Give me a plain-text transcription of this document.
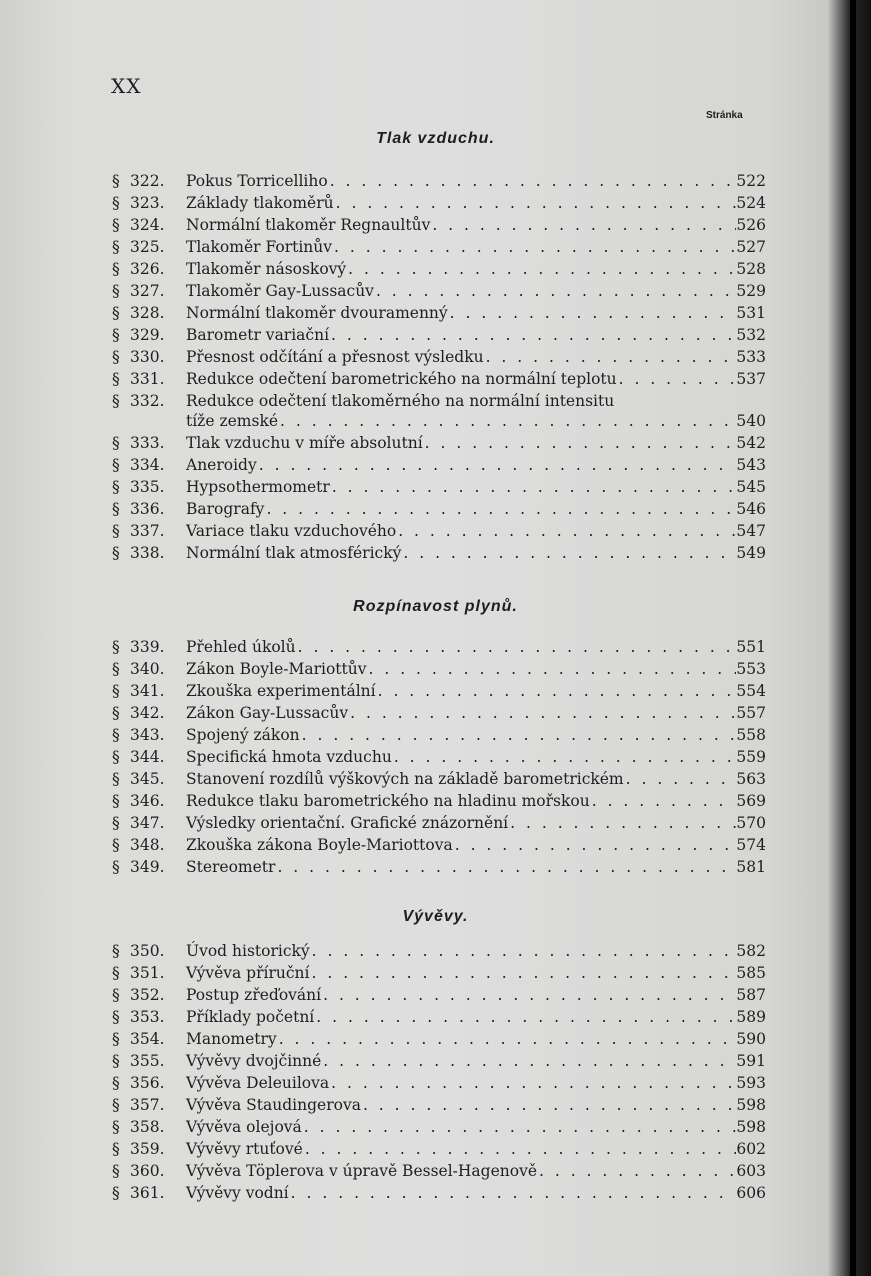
XX
Stránka
Tlak vzduchu.
§ 322.	Pokus Torricelliho . . .	522
§ 323.	Základy tlakoměrů . . .	524
§ 324.	Normální tlakoměr Regnaultův . . .	526
§ 325.	Tlakoměr Fortinův . . .	527
§ 326.	Tlakoměr násoskový . . .	528
§ 327.	Tlakoměr Gay-Lussacův . . .	529
§ 328.	Normální tlakoměr dvouramenný . . .	531
§ 329.	Barometr variační . . .	532
§ 330.	Přesnost odčítání a přesnost výsledku . . .	533
§ 331.	Redukce odečtení barometrického na normální teplotu . . .	537
§ 332.	Redukce odečtení tlakoměrného na normální intensitu
tíže zemské . . .	540
§ 333.	Tlak vzduchu v míře absolutní . . .	542
§ 334.	Aneroidy . . .	543
§ 335.	Hypsothermometr . . .	545
§ 336.	Barografy . . .	546
§ 337.	Variace tlaku vzduchového . . .	547
§ 338.	Normální tlak atmosférický . . .	549
Rozpínavost plynů.
§ 339.	Přehled úkolů . . .	551
§ 340.	Zákon Boyle-Mariottův . . .	553
§ 341.	Zkouška experimentální . . .	554
§ 342.	Zákon Gay-Lussacův . . .	557
§ 343.	Spojený zákon . . .	558
§ 344.	Specifická hmota vzduchu . . .	559
§ 345.	Stanovení rozdílů výškových na základě barometrickém . . .	563
§ 346.	Redukce tlaku barometrického na hladinu mořskou . . .	569
§ 347.	Výsledky orientační. Grafické znázornění . . .	570
§ 348.	Zkouška zákona Boyle-Mariottova . . .	574
§ 349.	Stereometr . . .	581
Vývěvy.
§ 350.	Úvod historický . . .	582
§ 351.	Vývěva příruční . . .	585
§ 352.	Postup zřeďování . . .	587
§ 353.	Příklady početní . . .	589
§ 354.	Manometry . . .	590
§ 355.	Vývěvy dvojčinné . . .	591
§ 356.	Vývěva Deleuilova . . .	593
§ 357.	Vývěva Staudingerova . . .	598
§ 358.	Vývěva olejová . . .	598
§ 359.	Vývěvy rtuťové . . .	602
§ 360.	Vývěva Töplerova v úpravě Bessel-Hagenově . . .	603
§ 361.	Vývěvy vodní . . .	606
